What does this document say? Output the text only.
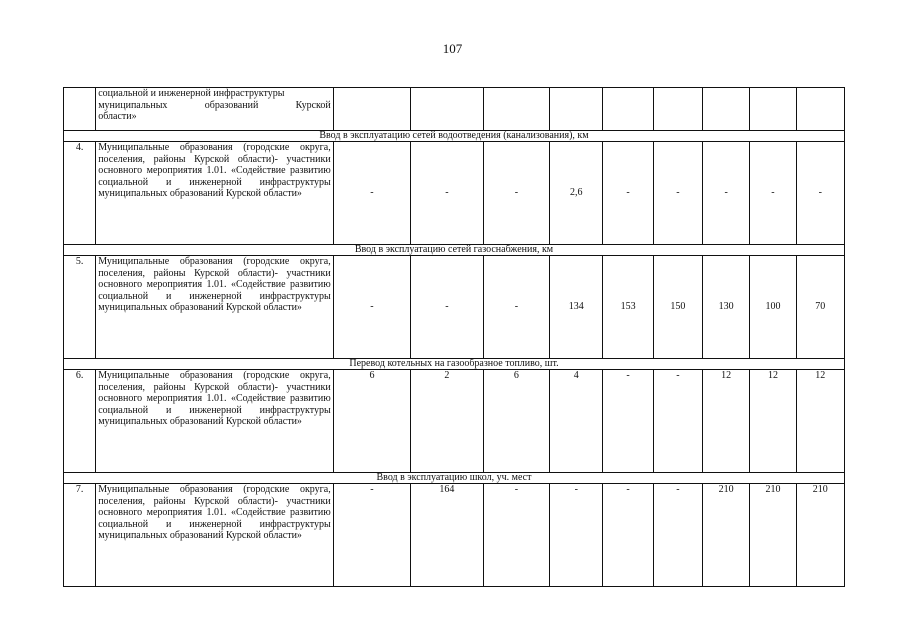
107

	социальной и инженерной инфраструктуры
муниципальных образований Курской
области»									

Ввод в эксплуатацию сетей водоотведения (канализования), км										
4.	Муниципальные образования (городские округа, поселения, районы Курской области)- участники основного мероприятия 1.01. «Содействие развитию социальной и инженерной инфраструктуры муниципальных образований Курской области»	-	-	-	2,6	-	-	-	-	-
Ввод в эксплуатацию сетей газоснабжения, км										
5.	Муниципальные образования (городские округа, поселения, районы Курской области)- участники основного мероприятия 1.01. «Содействие развитию социальной и инженерной инфраструктуры муниципальных образований Курской области»	-	-	-	134	153	150	130	100	70
Перевод котельных на газообразное топливо, шт.										
6.	Муниципальные образования (городские округа, поселения, районы Курской области)- участники основного мероприятия 1.01. «Содействие развитию социальной и инженерной инфраструктуры муниципальных образований Курской области»	6	2	6	4	-	-	12	12	12
Ввод в эксплуатацию школ, уч. мест										
7.	Муниципальные образования (городские округа, поселения, районы Курской области)- участники основного мероприятия 1.01. «Содействие развитию социальной и инженерной инфраструктуры муниципальных образований Курской области»	-	164	-	-	-	-	210	210	210
